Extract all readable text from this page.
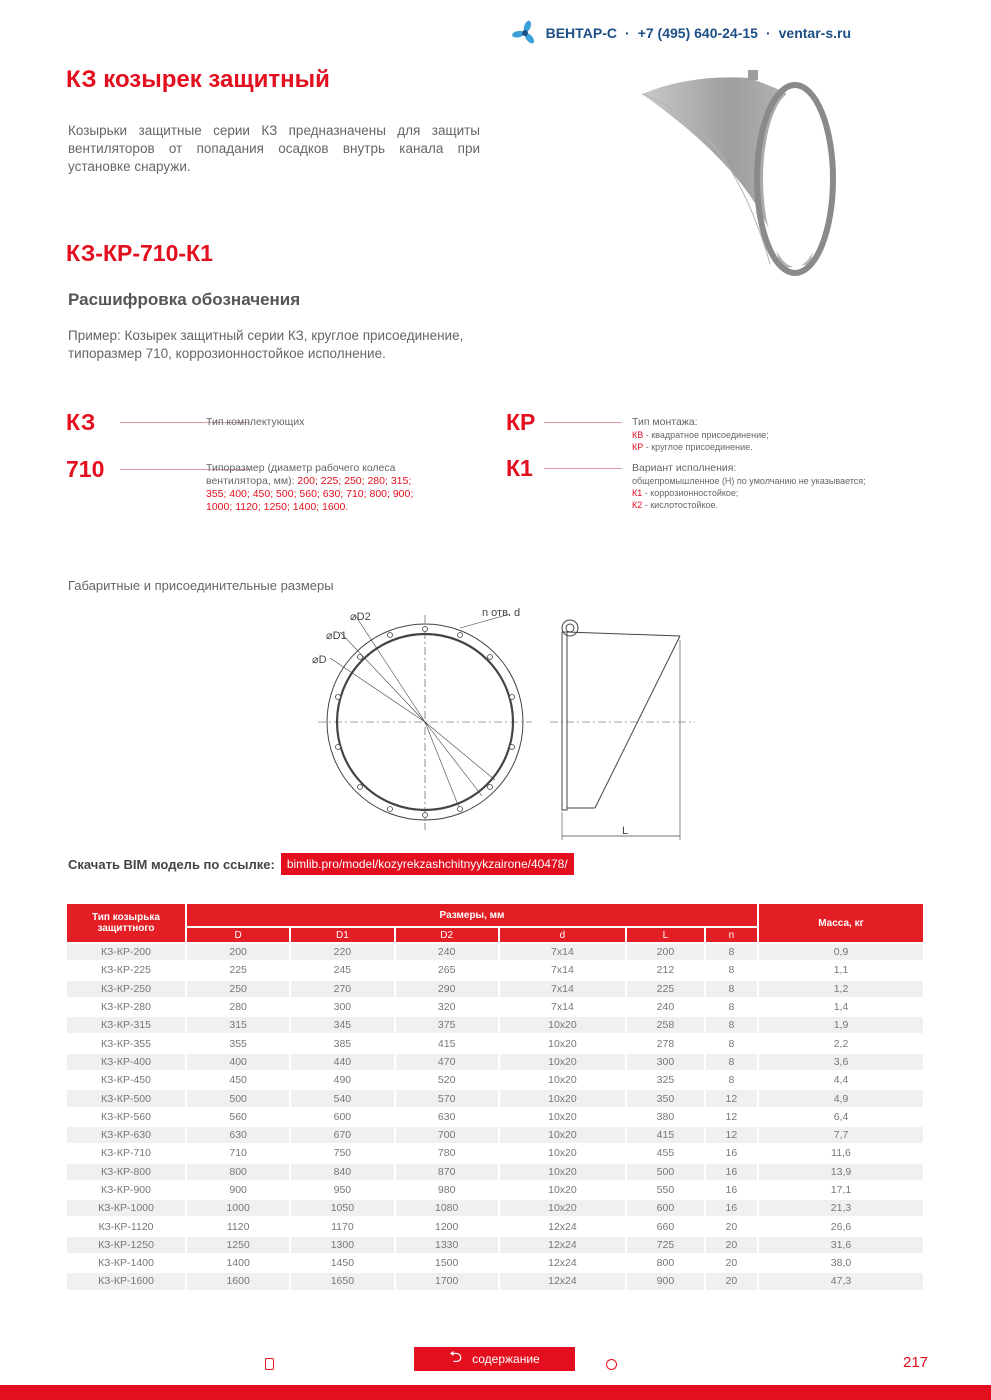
ВЕНТАР-С · +7 (495) 640-24-15 · ventar-s.ru
КЗ козырек защитный
Козырьки защитные серии КЗ предназначены для защиты вентиляторов от попадания осадков внутрь канала при установке снаружи.
КЗ-КР-710-К1
Расшифровка обозначения
Пример: Козырек защитный серии КЗ, круглое присоединение, типоразмер 710, коррозионностойкое исполнение.
КЗ	Тип комплектующих
710	Типоразмер (диаметр рабочего колеса вентилятора, мм): 200; 225; 250; 280; 315; 355; 400; 450; 500; 560; 630; 710; 800; 900; 1000; 1120; 1250; 1400; 1600.
КР	Тип монтажа:
КВ - квадратное присоединение;
КР - круглое присоединение.
К1	Вариант исполнения:
общепромышленное (Н) по умолчанию не указывается;
К1 - коррозионностойкое;
К2 - кислотостойкое.
Габаритные и присоединительные размеры
⌀D2
⌀D1
⌀D
n отв. d
L
Скачать BIM модель по ссылке:	bimlib.pro/model/kozyrekzashchitnyykzairone/40478/
Тип козырька защиттного	Размеры, мм						Масса, кг
	D	D1	D2	d	L	n	
КЗ-КР-200	200	220	240	7х14	200	8	0,9
КЗ-КР-225	225	245	265	7х14	212	8	1,1
КЗ-КР-250	250	270	290	7х14	225	8	1,2
КЗ-КР-280	280	300	320	7х14	240	8	1,4
КЗ-КР-315	315	345	375	10х20	258	8	1,9
КЗ-КР-355	355	385	415	10х20	278	8	2,2
КЗ-КР-400	400	440	470	10х20	300	8	3,6
КЗ-КР-450	450	490	520	10х20	325	8	4,4
КЗ-КР-500	500	540	570	10х20	350	12	4,9
КЗ-КР-560	560	600	630	10х20	380	12	6,4
КЗ-КР-630	630	670	700	10х20	415	12	7,7
КЗ-КР-710	710	750	780	10х20	455	16	11,6
КЗ-КР-800	800	840	870	10х20	500	16	13,9
КЗ-КР-900	900	950	980	10х20	550	16	17,1
КЗ-КР-1000	1000	1050	1080	10х20	600	16	21,3
КЗ-КР-1120	1120	1170	1200	12х24	660	20	26,6
КЗ-КР-1250	1250	1300	1330	12х24	725	20	31,6
КЗ-КР-1400	1400	1450	1500	12х24	800	20	38,0
КЗ-КР-1600	1600	1650	1700	12х24	900	20	47,3
⮌ содержание	217
